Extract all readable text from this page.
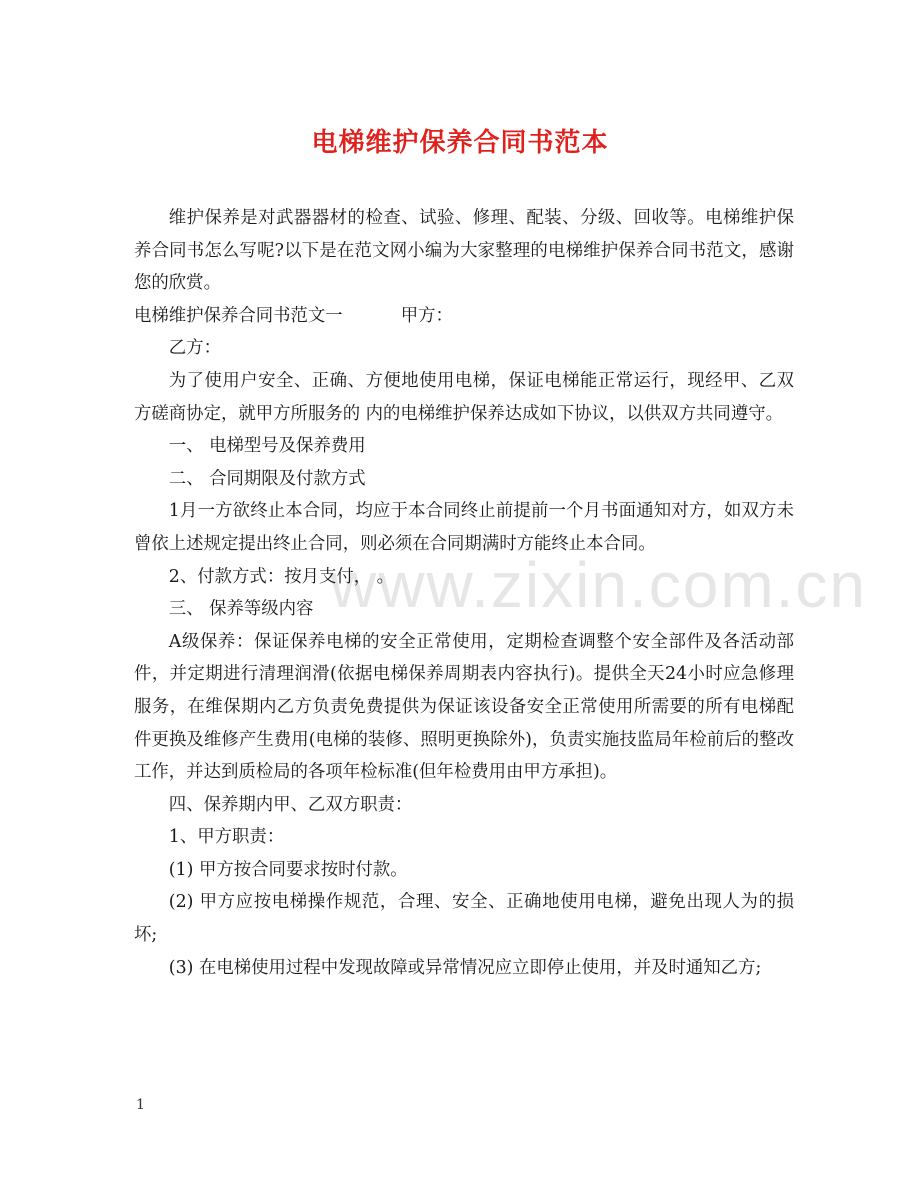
www.zixin.com.cn
电梯维护保养合同书范本

维护保养是对武器器材的检查、试验、修理、配装、分级、回收等。电梯维护保养合同书怎么写呢?以下是在范文网小编为大家整理的电梯维护保养合同书范文，感谢您的欣赏。

电梯维护保养合同书范文一	甲方：

乙方：

为了使用户安全、正确、方便地使用电梯，保证电梯能正常运行，现经甲、乙双方磋商协定，就甲方所服务的 内的电梯维护保养达成如下协议，以供双方共同遵守。

一、 电梯型号及保养费用

二、 合同期限及付款方式

1月一方欲终止本合同，均应于本合同终止前提前一个月书面通知对方，如双方未曾依上述规定提出终止合同，则必须在合同期满时方能终止本合同。

2、付款方式：按月支付， 。

三、 保养等级内容

A级保养：保证保养电梯的安全正常使用，定期检查调整个安全部件及各活动部件，并定期进行清理润滑(依据电梯保养周期表内容执行)。提供全天24小时应急修理服务，在维保期内乙方负责免费提供为保证该设备安全正常使用所需要的所有电梯配件更换及维修产生费用(电梯的装修、照明更换除外)，负责实施技监局年检前后的整改工作，并达到质检局的各项年检标准(但年检费用由甲方承担)。

四、保养期内甲、乙双方职责：

1、甲方职责：

(1) 甲方按合同要求按时付款。

(2) 甲方应按电梯操作规范，合理、安全、正确地使用电梯，避免出现人为的损坏;

(3) 在电梯使用过程中发现故障或异常情况应立即停止使用，并及时通知乙方;

1
